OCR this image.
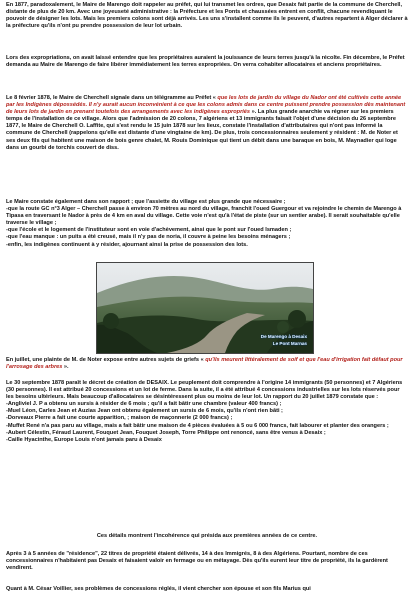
En 1877, paradoxalement, le Maire de Marengo doit rappeler au préfet, qui lui transmet les ordres, que Desaix fait partie de la commune de Cherchell, distante de plus de 20 km. Avec une joyeuseté administrative : la Préfecture et les Ponts et chaussées entrent en conflit, chacune revendiquant le pouvoir de désigner les lots. Mais les premiers colons sont déjà arrivés. Les uns s'installent comme ils le peuvent, d'autres repartent à Alger déclarer à la préfecture qu'ils n'ont pu prendre possession de leur lot urbain.

Lors des expropriations, on avait laissé entendre que les propriétaires auraient la jouissance de leurs terres jusqu'à la récolte. Fin décembre, le Préfet demanda au Maire de Marengo de faire libérer immédiatement les terres expropriées. On verra cohabiter allocataires et anciens propriétaires.

Le 8 février 1878, le Maire de Cherchell signale dans un télégramme au Préfet « que les lots de jardin du village du Nador ont été cultivés cette année par les Indigènes dépossédés. Il n'y aurait aucun inconvénient à ce que les colons admis dans ce centre puissent prendre possession dès maintenant de leurs lots de jardin en prenant toutefois des arrangements avec les indigènes expropriés ». La plus grande anarchie va régner sur les premiers temps de l'installation de ce village. Alors que l'admission de 20 colons, 7 algériens et 13 immigrants faisait l'objet d'une décision du 26 septembre 1877, le Maire de Cherchell O. Laffite, qui s'est rendu le 15 juin 1878 sur les lieux, constate l'installation d'attributaires qui n'ont pas informé la commune de Cherchell (rappelons qu'elle est distante d'une vingtaine de km). De plus, trois concessionnaires seulement y résident : M. de Noter et ses deux fils qui habitent une maison de bois genre chalet, M. Rouis Dominique qui tient un débit dans une baraque en bois, M. Maynadier qui loge dans un gourbi de torchis couvert de diss.

Le Maire constate également dans son rapport ; que l'assiette du village est plus grande que nécessaire ;
-que la route GC n°3 Alger – Cherchell passe à environ 70 mètres au nord du village, franchit l'oued Guergour et va rejoindre le chemin de Marengo à Tipasa en traversant le Nador à près de 4 km en aval du village. Cette voie n'est qu'à l'état de piste (sur un sentier arabe). Il serait souhaitable qu'elle traverse le village ;
-que l'école et le logement de l'instituteur sont en voie d'achèvement, ainsi que le pont sur l'oued Ismaden ;
-que l'eau manque : un puits a été creusé, mais il n'y pas de noria, il couvre à peine les besoins ménagers ;
-enfin, les indigènes continuent à y résider, ajournant ainsi la prise de possession des lots.
De Marengo à Desaix
Le Pont Marnas

En juillet, une plainte de M. de Noter expose entre autres sujets de griefs « qu'ils meurent littéralement de soif et que l'eau d'irrigation fait défaut pour l'arrosage des arbres ».

Le 30 septembre 1878 paraît le décret de création de DESAIX. Le peuplement doit comprendre à l'origine 14 immigrants (50 personnes) et 7 Algériens (30 personnes). Il est attribué 20 concessions et un lot de ferme. Dans la suite, il a été attribué 4 concessions industrielles sur les lots réservés pour les besoins ultérieurs. Mais beaucoup d'allocataires se désintéressent plus ou moins de leur lot. Un rapport du 20 juillet 1879 constate que :
-Angliviel J. P a obtenu un sursis à résider de 6 mois ; qu'il a fait bâtir une chambre (valeur 400 francs) ;
-Muel Léon, Carles Jean et Auzias Jean ont obtenu également un sursis de 6 mois, qu'ils n'ont rien bâti ;
-Dorveaux Pierre a fait une courte apparition, ; maison de maçonnerie (2 000 francs) ;
-Muffet René n'a pas paru au village, mais a fait bâtir une maison de 4 pièces évaluées à 5 ou 6 000 francs, fait labourer et planter des orangers ;
-Aubert Célestin, Féraud Laurent, Fouquet Jean, Fouquet Joseph, Torre Philippe ont renoncé, sans être venus à Desaix ;
-Caille Hyacinthe, Europe Louis n'ont jamais paru à Desaix

Ces détails montrent l'incohérence qui présida aux premières années de ce centre.

Après 3 à 5 années de "résidence", 22 titres de propriété étaient délivrés, 14 à des Immigrés, 8 à des Algériens. Pourtant, nombre de ces concessionnaires n'habitaient pas Desaix et faisaient valoir en fermage ou en métayage. Dès qu'ils eurent leur titre de propriété, ils la gardèrent vendirent.

Quant à M. César Voillier, ses problèmes de concessions réglés, il vient chercher son épouse et son fils Marius qui
